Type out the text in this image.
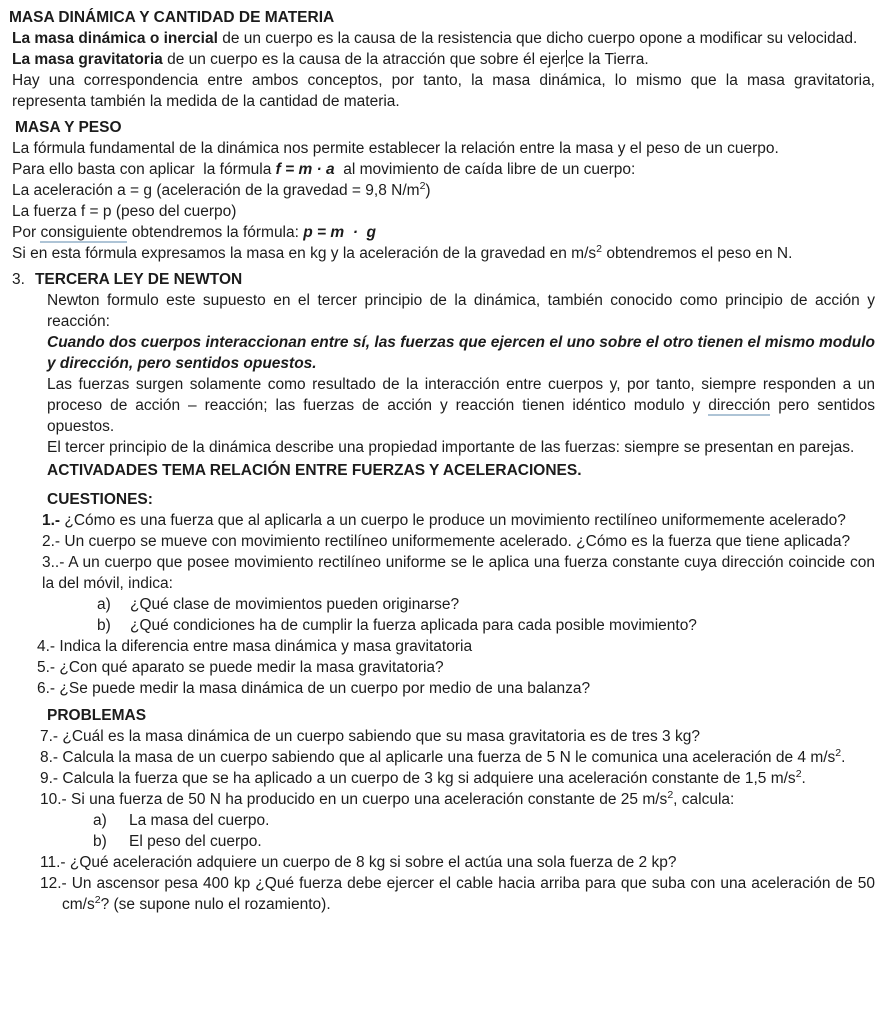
MASA DINÁMICA Y CANTIDAD DE MATERIA

La masa dinámica o inercial de un cuerpo es la causa de la resistencia que dicho cuerpo opone a modificar su velocidad.

La masa gravitatoria de un cuerpo es la causa de la atracción que sobre él ejer ce la Tierra.

Hay una correspondencia entre ambos conceptos, por tanto, la masa dinámica, lo mismo que la masa gravitatoria, representa también la medida de la cantidad de materia.

MASA Y PESO

La fórmula fundamental de la dinámica nos permite establecer la relación entre la masa y el peso de un cuerpo.

Para ello basta con aplicar  la fórmula f = m · a  al movimiento de caída libre de un cuerpo:

La aceleración a = g (aceleración de la gravedad = 9,8 $N/m^2$)

La fuerza f = p (peso del cuerpo)

Por consiguiente obtendremos la fórmula: p = m  ·  g

Si en esta fórmula expresamos la masa en kg y la aceleración de la gravedad en $m/s^2$ obtendremos el peso en N.

3. TERCERA LEY DE NEWTON

Newton formulo este supuesto en el tercer principio de la dinámica, también conocido como principio de acción y reacción:

Cuando dos cuerpos interaccionan entre sí, las fuerzas que ejercen el uno sobre el otro tienen el mismo modulo y dirección, pero sentidos opuestos.

Las fuerzas surgen solamente como resultado de la interacción entre cuerpos y, por tanto, siempre responden a un proceso de acción – reacción; las fuerzas de acción y reacción tienen idéntico modulo y dirección pero sentidos opuestos.

El tercer principio de la dinámica describe una propiedad importante de las fuerzas: siempre se presentan en parejas.

ACTIVADADES TEMA RELACIÓN ENTRE FUERZAS Y ACELERACIONES.

CUESTIONES:

1.- ¿Cómo es una fuerza que al aplicarla a un cuerpo le produce un movimiento rectilíneo uniformemente acelerado?

2.- Un cuerpo se mueve con movimiento rectilíneo uniformemente acelerado. ¿Cómo es la fuerza que tiene aplicada?

3..- A un cuerpo que posee movimiento rectilíneo uniforme se le aplica una fuerza constante cuya dirección coincide con la del móvil, indica:

a) ¿Qué clase de movimientos pueden originarse?
b) ¿Qué condiciones ha de cumplir la fuerza aplicada para cada posible movimiento?

4.- Indica la diferencia entre masa dinámica y masa gravitatoria

5.- ¿Con qué aparato se puede medir la masa gravitatoria?

6.- ¿Se puede medir la masa dinámica de un cuerpo por medio de una balanza?

PROBLEMAS

7.- ¿Cuál es la masa dinámica de un cuerpo sabiendo que su masa gravitatoria es de tres 3 kg?

8.- Calcula la masa de un cuerpo sabiendo que al aplicarle una fuerza de 5 N le comunica una aceleración de 4 $m/s^2$.

9.- Calcula la fuerza que se ha aplicado a un cuerpo de 3 kg si adquiere una aceleración constante de 1,5 $m/s^2$.

10.- Si una fuerza de 50 N ha producido en un cuerpo una aceleración constante de 25 $m/s^2$, calcula:

a) La masa del cuerpo.
b) El peso del cuerpo.

11.- ¿Qué aceleración adquiere un cuerpo de 8 kg si sobre el actúa una sola fuerza de 2 kp?

12.- Un ascensor pesa 400 kp ¿Qué fuerza debe ejercer el cable hacia arriba para que suba con una aceleración de 50 $cm/s^2$? (se supone nulo el rozamiento).
